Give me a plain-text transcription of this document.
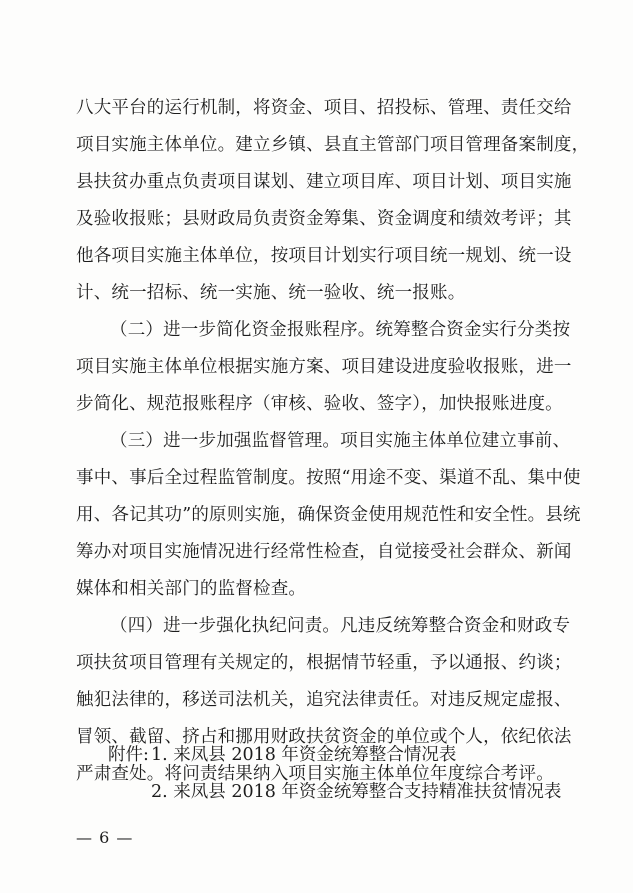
八大平台的运行机制，将资金、项目、招投标、管理、责任交给
项目实施主体单位。建立乡镇、县直主管部门项目管理备案制度，
县扶贫办重点负责项目谋划、建立项目库、项目计划、项目实施
及验收报账；县财政局负责资金筹集、资金调度和绩效考评；其
他各项目实施主体单位，按项目计划实行项目统一规划、统一设
计、统一招标、统一实施、统一验收、统一报账。
（二）进一步简化资金报账程序。统筹整合资金实行分类按
项目实施主体单位根据实施方案、项目建设进度验收报账，进一
步简化、规范报账程序（审核、验收、签字），加快报账进度。
（三）进一步加强监督管理。项目实施主体单位建立事前、
事中、事后全过程监管制度。按照“用途不变、渠道不乱、集中使
用、各记其功”的原则实施，确保资金使用规范性和安全性。县统
筹办对项目实施情况进行经常性检查，自觉接受社会群众、新闻
媒体和相关部门的监督检查。
（四）进一步强化执纪问责。凡违反统筹整合资金和财政专
项扶贫项目管理有关规定的，根据情节轻重，予以通报、约谈；
触犯法律的，移送司法机关，追究法律责任。对违反规定虚报、
冒领、截留、挤占和挪用财政扶贫资金的单位或个人，依纪依法
严肃查处。将问责结果纳入项目实施主体单位年度综合考评。
附件: 1. 来凤县 2018 年资金统筹整合情况表
2. 来凤县 2018 年资金统筹整合支持精准扶贫情况表
— 6 —
